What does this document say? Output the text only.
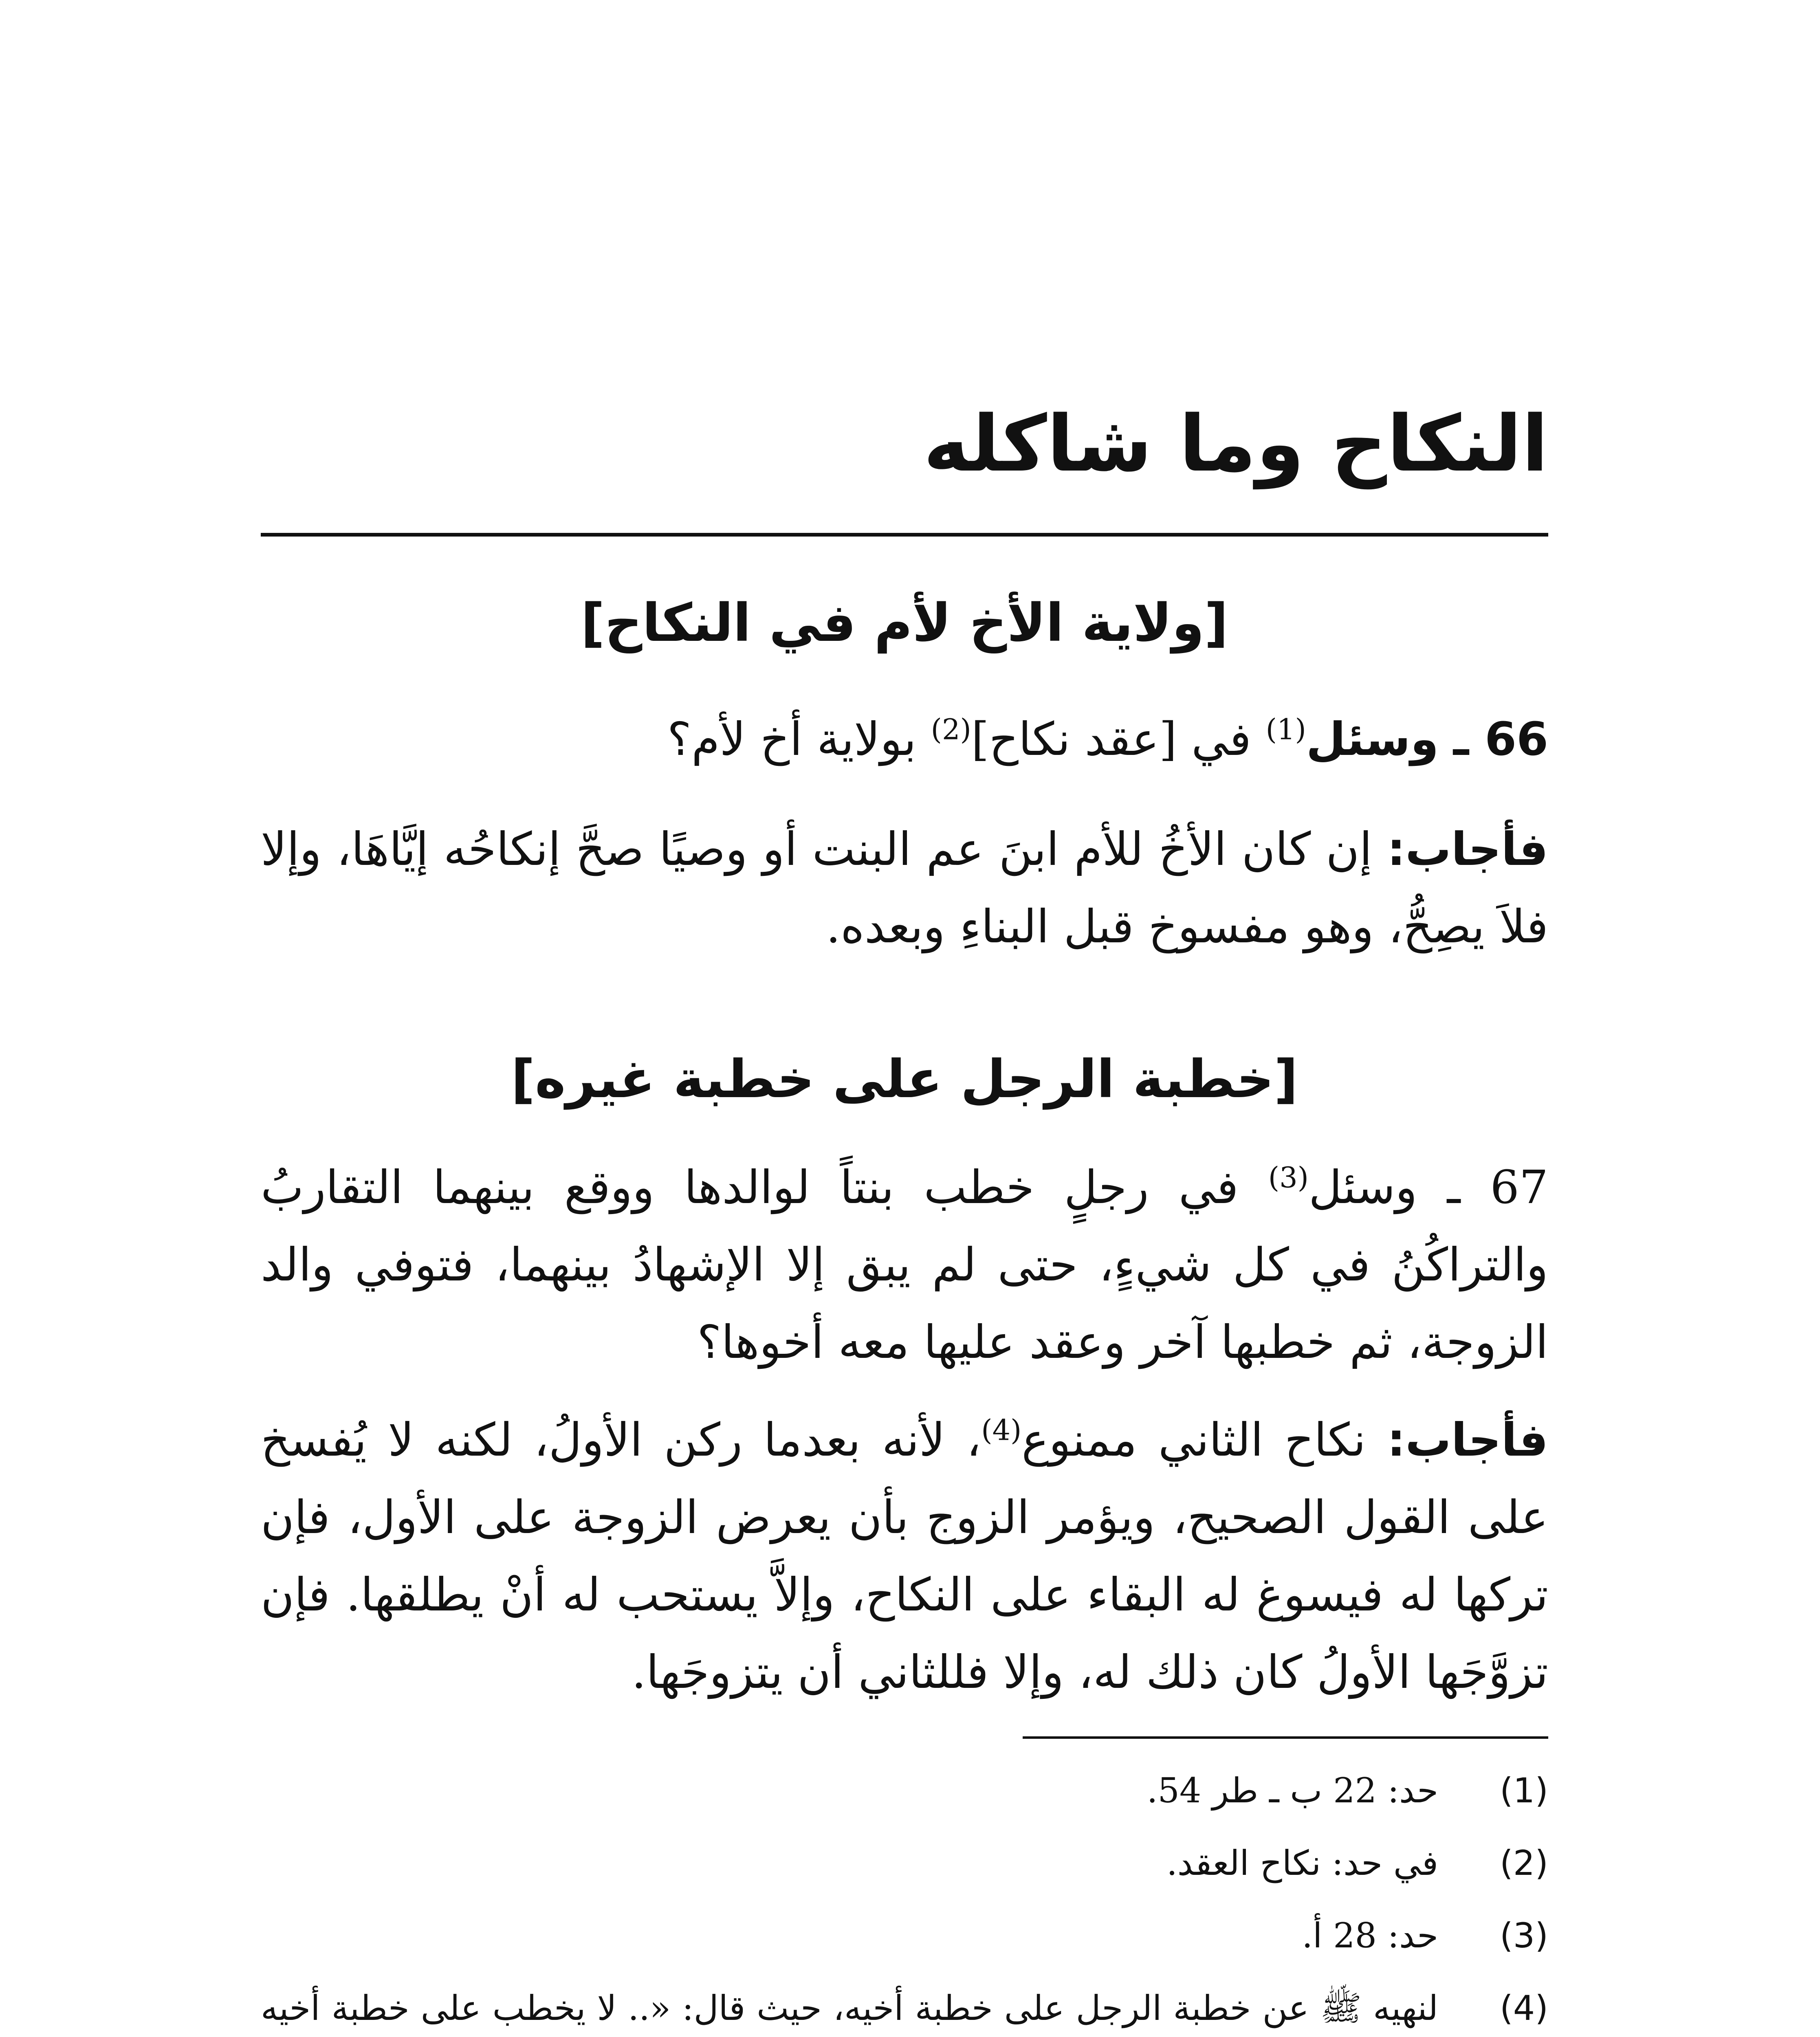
النكاح وما شاكله
[ولاية الأخ لأم في النكاح]

66 ـ وسئل$^{(1)}$ في [عقد نكاح]$^{(2)}$ بولاية أخ لأم؟

فأجاب: إن كان الأخُ للأم ابنَ عم البنت أو وصيًا صحَّ إنكاحُه إيَّاهَا، وإلا فلاَ يصِحُّ، وهو مفسوخ قبل البناءِ وبعده.

[خطبة الرجل على خطبة غيره]

67 ـ وسئل$^{(3)}$ في رجلٍ خطب بنتاً لوالدها ووقع بينهما التقاربُ والتراكُنُ في كل شيءٍ، حتى لم يبق إلا الإشهادُ بينهما، فتوفي والد الزوجة، ثم خطبها آخر وعقد عليها معه أخوها؟

فأجاب: نكاح الثاني ممنوع$^{(4)}$، لأنه بعدما ركن الأولُ، لكنه لا يُفسخ على القول الصحيح، ويؤمر الزوج بأن يعرض الزوجة على الأول، فإن تركها له فيسوغ له البقاء على النكاح، وإلاَّ يستحب له أنْ يطلقها. فإن تزوَّجَها الأولُ كان ذلك له، وإلا فللثاني أن يتزوجَها.

(1)
حد: 22 ب ـ طر 54.
(2)
في حد: نكاح العقد.
(3)
حد: 28 أ.
(4)
لنهيه ﷺ عن خطبة الرجل على خطبة أخيه، حيث قال: «.. لا يخطب على خطبة أخيه
